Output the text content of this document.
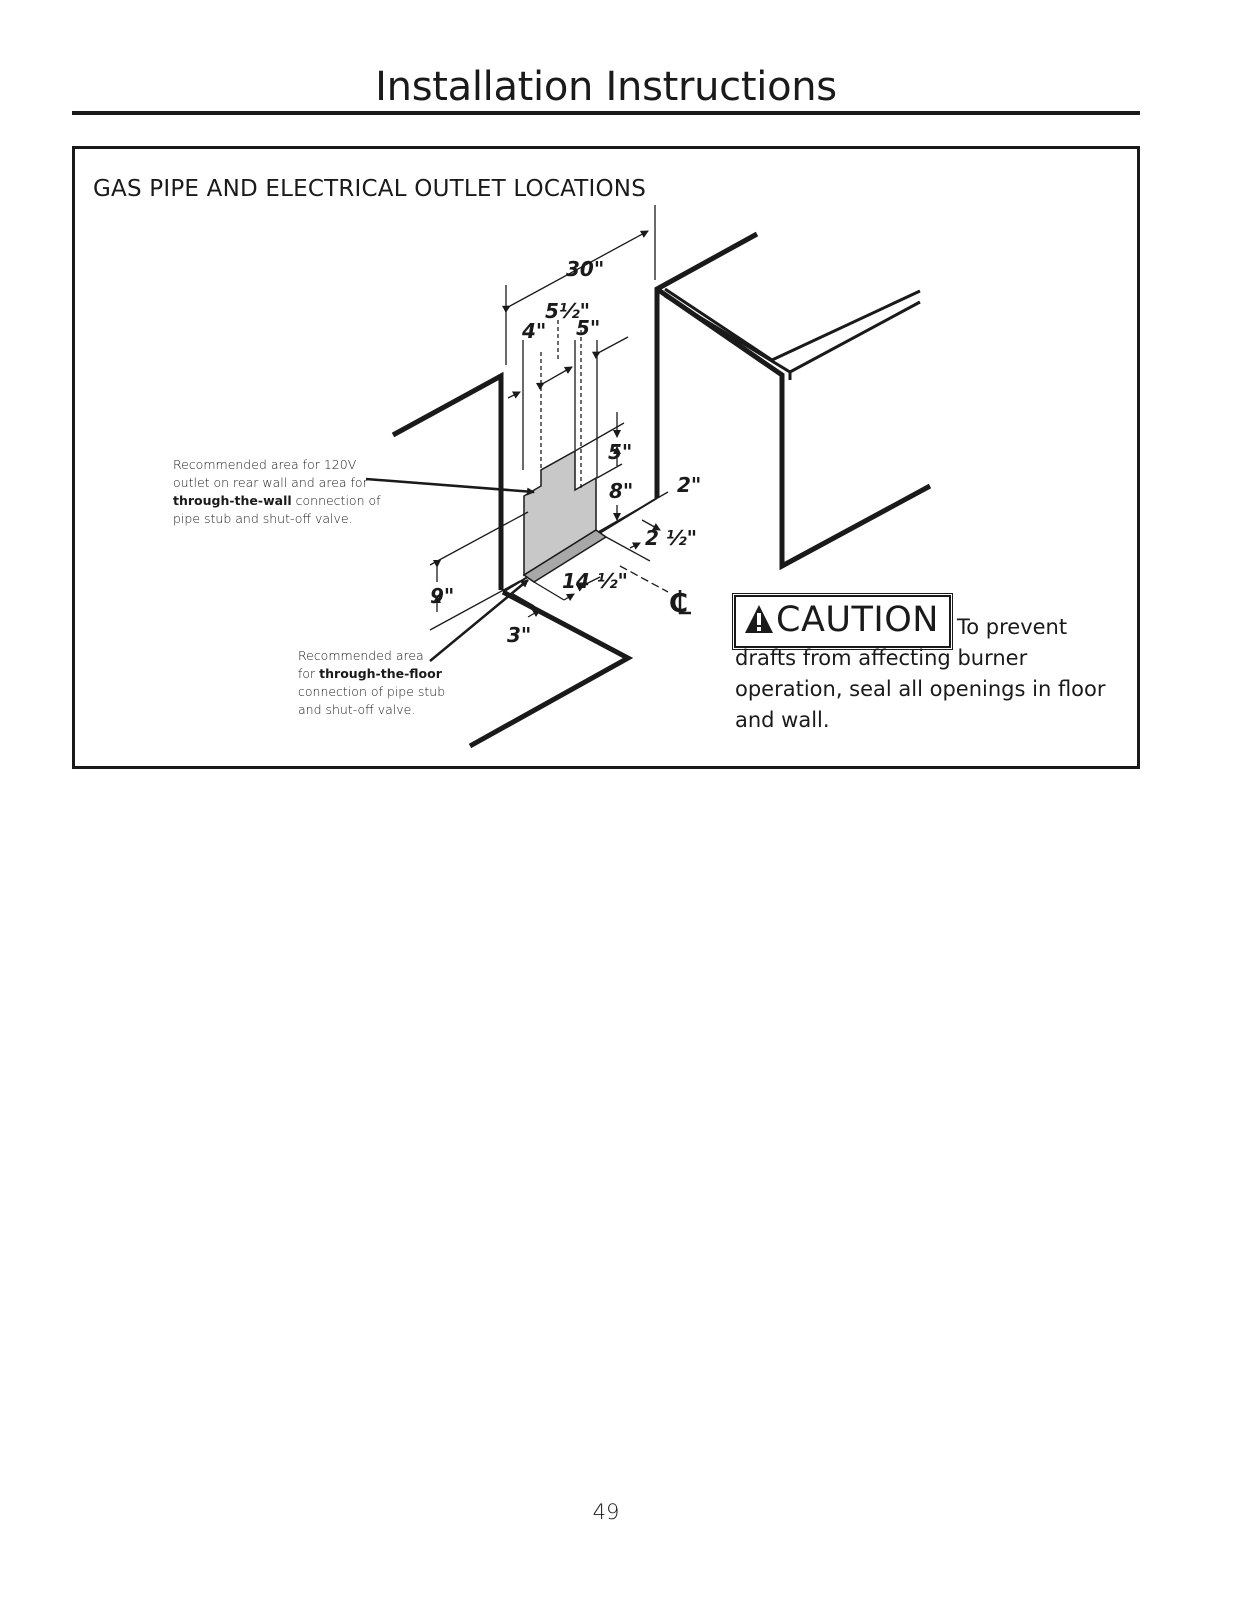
Installation Instructions
GAS PIPE AND ELECTRICAL OUTLET LOCATIONS
30"
5½"
4" 5"
5"
8" 2"
2 ½"
14 ½"
9"
3"
C
Recommended area for 120V
outlet on rear wall and area for
through-the-wall connection of
pipe stub and shut-off valve.
Recommended area
for through-the-floor
connection of pipe stub
and shut-off valve.
CAUTION To prevent drafts from affecting burner operation, seal all openings in floor and wall.
49
